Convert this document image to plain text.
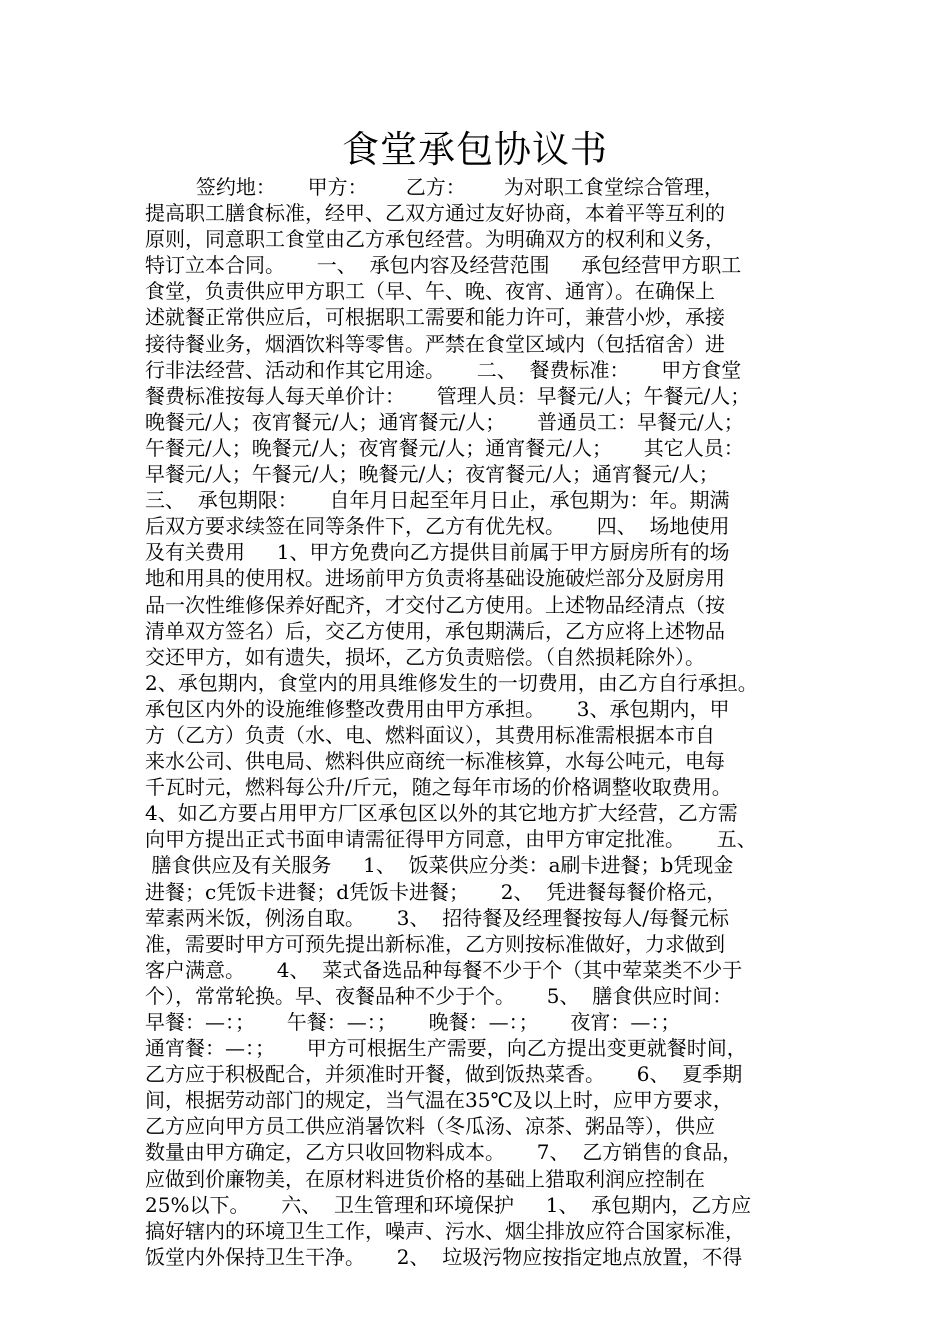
食堂承包协议书
签约地：     甲方：      乙方：      为对职工食堂综合管理，
提高职工膳食标准，经甲、乙双方通过友好协商，本着平等互利的
原则，同意职工食堂由乙方承包经营。为明确双方的权利和义务，
特订立本合同。     一、  承包内容及经营范围     承包经营甲方职工
食堂，负责供应甲方职工（早、午、晚、夜宵、通宵）。在确保上
述就餐正常供应后，可根据职工需要和能力许可，兼营小炒，承接
接待餐业务，烟酒饮料等零售。严禁在食堂区域内（包括宿舍）进
行非法经营、活动和作其它用途。     二、  餐费标准：     甲方食堂
餐费标准按每人每天单价计：     管理人员：早餐元/人；午餐元/人；
晚餐元/人；夜宵餐元/人；通宵餐元/人；     普通员工：早餐元/人；
午餐元/人；晚餐元/人；夜宵餐元/人；通宵餐元/人；     其它人员：
早餐元/人；午餐元/人；晚餐元/人；夜宵餐元/人；通宵餐元/人；
三、  承包期限：     自年月日起至年月日止，承包期为：年。期满
后双方要求续签在同等条件下，乙方有优先权。     四、  场地使用
及有关费用     1、甲方免费向乙方提供目前属于甲方厨房所有的场
地和用具的使用权。进场前甲方负责将基础设施破烂部分及厨房用
品一次性维修保养好配齐，才交付乙方使用。上述物品经清点（按
清单双方签名）后，交乙方使用，承包期满后，乙方应将上述物品
交还甲方，如有遗失，损坏，乙方负责赔偿。（自然损耗除外）。
2、承包期内，食堂内的用具维修发生的一切费用，由乙方自行承担。
承包区内外的设施维修整改费用由甲方承担。     3、承包期内，甲
方（乙方）负责（水、电、燃料面议），其费用标准需根据本市自
来水公司、供电局、燃料供应商统一标准核算，水每公吨元，电每
千瓦时元，燃料每公升/斤元，随之每年市场的价格调整收取费用。
4、如乙方要占用甲方厂区承包区以外的其它地方扩大经营，乙方需
向甲方提出正式书面申请需征得甲方同意，由甲方审定批准。     五、
膳食供应及有关服务     1、  饭菜供应分类：a刷卡进餐；b凭现金
进餐；c凭饭卡进餐；d凭饭卡进餐；     2、  凭进餐每餐价格元，
荤素两米饭，例汤自取。     3、  招待餐及经理餐按每人/每餐元标
准，需要时甲方可预先提出新标准，乙方则按标准做好，力求做到
客户满意。     4、  菜式备选品种每餐不少于个（其中荤菜类不少于
个），常常轮换。早、夜餐品种不少于个。     5、  膳食供应时间：
早餐：—：；     午餐：—：；     晚餐：—：；     夜宵：—：；
通宵餐：—：；     甲方可根据生产需要，向乙方提出变更就餐时间，
乙方应于积极配合，并须准时开餐，做到饭热菜香。     6、  夏季期
间，根据劳动部门的规定，当气温在35℃及以上时，应甲方要求，
乙方应向甲方员工供应消暑饮料（冬瓜汤、凉茶、粥品等），供应
数量由甲方确定，乙方只收回物料成本。     7、  乙方销售的食品，
应做到价廉物美，在原材料进货价格的基础上猎取利润应控制在
25%以下。     六、  卫生管理和环境保护     1、  承包期内，乙方应
搞好辖内的环境卫生工作，噪声、污水、烟尘排放应符合国家标准，
饭堂内外保持卫生干净。     2、  垃圾污物应按指定地点放置，不得
